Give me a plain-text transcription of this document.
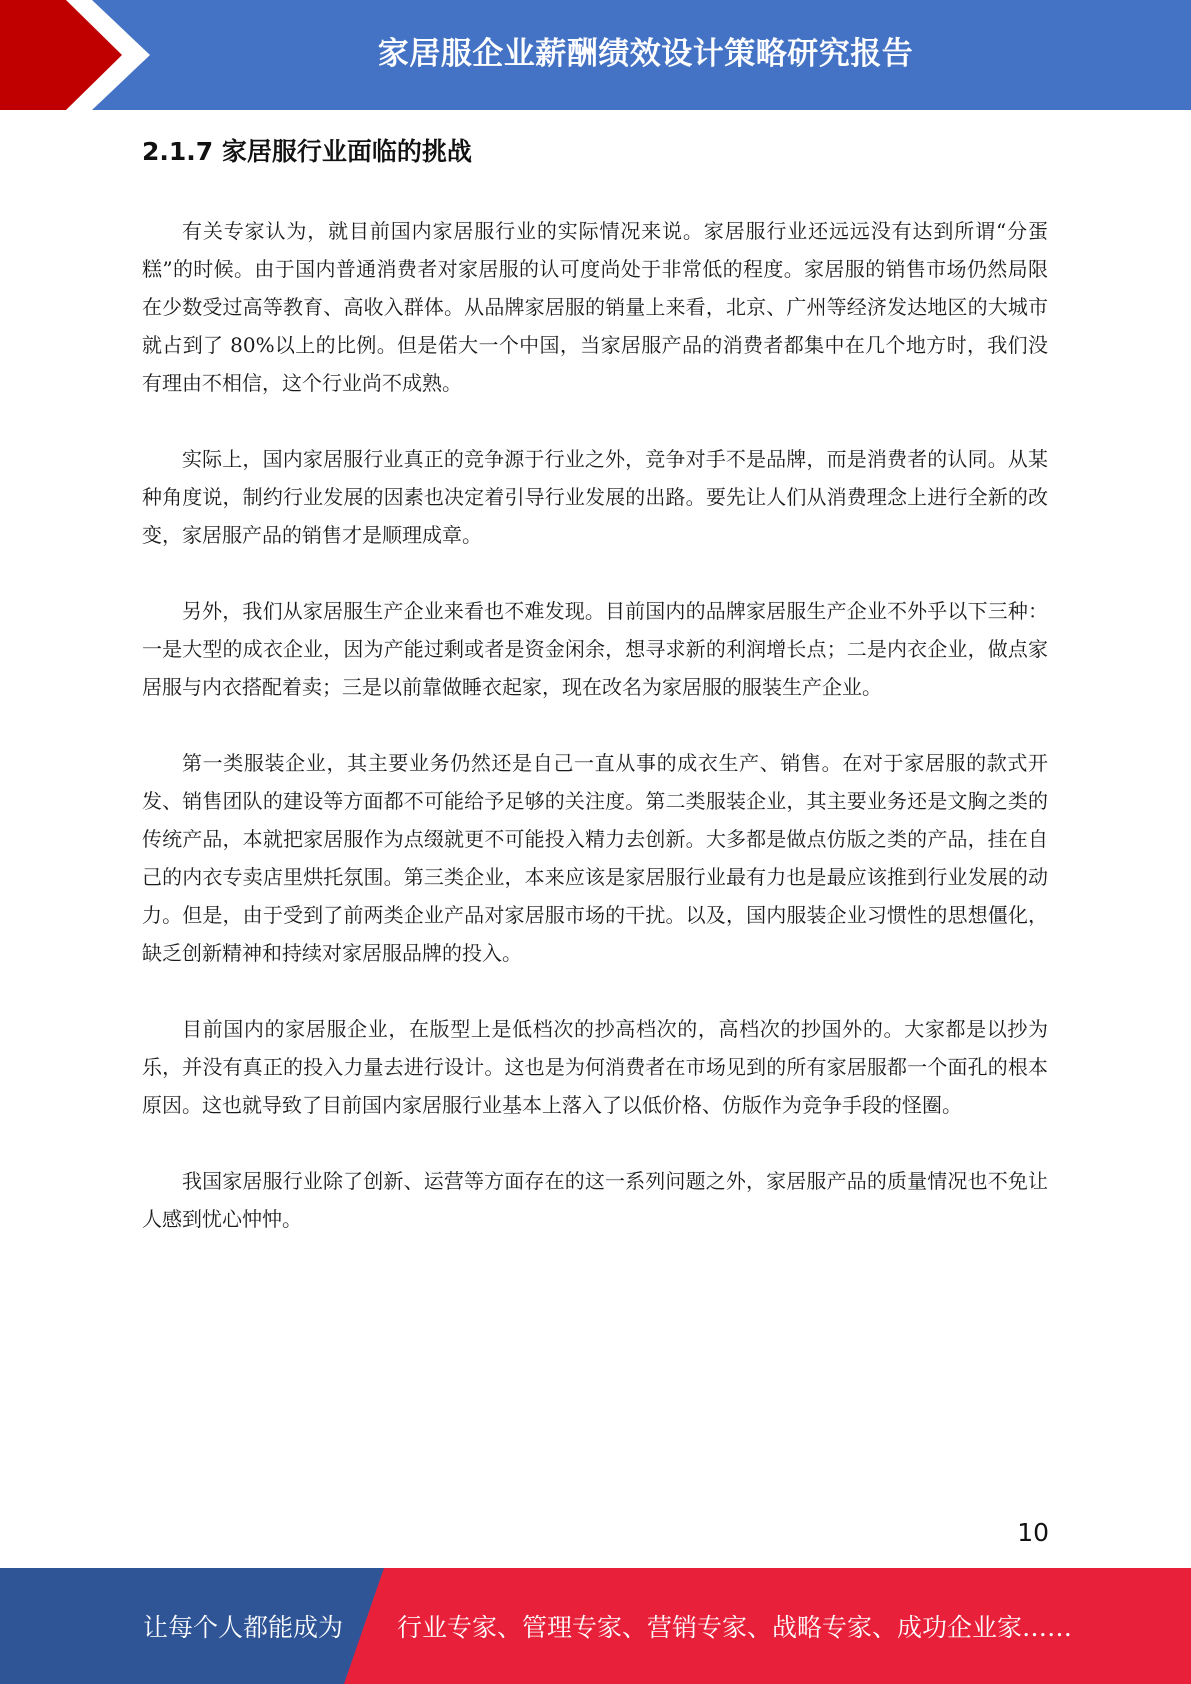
家居服企业薪酬绩效设计策略研究报告
2.1.7 家居服行业面临的挑战

有关专家认为，就目前国内家居服行业的实际情况来说。家居服行业还远远没有达到所谓“分蛋糕”的时候。由于国内普通消费者对家居服的认可度尚处于非常低的程度。家居服的销售市场仍然局限在少数受过高等教育、高收入群体。从品牌家居服的销量上来看，北京、广州等经济发达地区的大城市就占到了 80%以上的比例。但是偌大一个中国，当家居服产品的消费者都集中在几个地方时，我们没有理由不相信，这个行业尚不成熟。

实际上，国内家居服行业真正的竞争源于行业之外，竞争对手不是品牌，而是消费者的认同。从某种角度说，制约行业发展的因素也决定着引导行业发展的出路。要先让人们从消费理念上进行全新的改变，家居服产品的销售才是顺理成章。

另外，我们从家居服生产企业来看也不难发现。目前国内的品牌家居服生产企业不外乎以下三种：一是大型的成衣企业，因为产能过剩或者是资金闲余，想寻求新的利润增长点；二是内衣企业，做点家居服与内衣搭配着卖；三是以前靠做睡衣起家，现在改名为家居服的服装生产企业。

第一类服装企业，其主要业务仍然还是自己一直从事的成衣生产、销售。在对于家居服的款式开发、销售团队的建设等方面都不可能给予足够的关注度。第二类服装企业，其主要业务还是文胸之类的传统产品，本就把家居服作为点缀就更不可能投入精力去创新。大多都是做点仿版之类的产品，挂在自己的内衣专卖店里烘托氛围。第三类企业，本来应该是家居服行业最有力也是最应该推到行业发展的动力。但是，由于受到了前两类企业产品对家居服市场的干扰。以及，国内服装企业习惯性的思想僵化，缺乏创新精神和持续对家居服品牌的投入。

目前国内的家居服企业，在版型上是低档次的抄高档次的，高档次的抄国外的。大家都是以抄为乐，并没有真正的投入力量去进行设计。这也是为何消费者在市场见到的所有家居服都一个面孔的根本原因。这也就导致了目前国内家居服行业基本上落入了以低价格、仿版作为竞争手段的怪圈。

我国家居服行业除了创新、运营等方面存在的这一系列问题之外，家居服产品的质量情况也不免让人感到忧心忡忡。

10
让每个人都能成为 行业专家、管理专家、营销专家、战略专家、成功企业家……
